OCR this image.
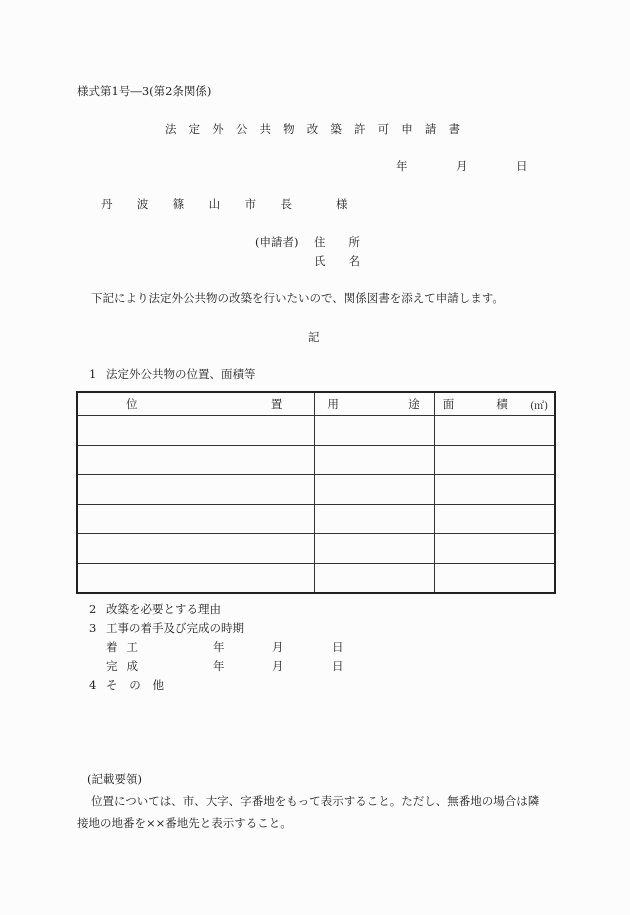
様式第1号―3(第2条関係)
法 定 外 公 共 物 改 築 許 可 申 請 書
年	月	日
丹 波 篠 山 市 長	様
(申請者) 住 所
氏 名
下記により法定外公共物の改築を行いたいので、関係図書を添えて申請します。
記
1 法定外公共物の位置、面積等
位 置	用 途	面 積 (㎡)

2 改築を必要とする理由
3 工事の着手及び完成の時期
着 工	年	月	日
完 成	年	月	日
4 そ の 他
(記載要領)
位置については、市、大字、字番地をもって表示すること。ただし、無番地の場合は隣
接地の地番を××番地先と表示すること。
